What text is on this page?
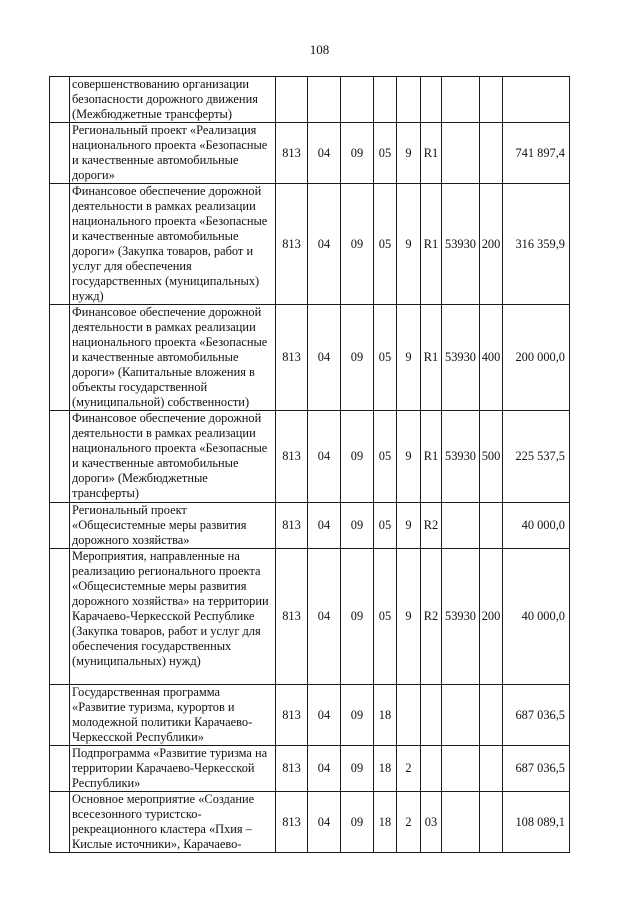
108
	совершенствованию организации безопасности дорожного движения (Межбюджетные трансферты)									
	Региональный проект «Реализация национального проекта «Безопасные и качественные автомобильные дороги»	813	04	09	05	9	R1			741 897,4
	Финансовое обеспечение дорожной деятельности в рамках реализации национального проекта «Безопасные и качественные автомобильные дороги» (Закупка товаров, работ и услуг для обеспечения государственных (муниципальных) нужд)	813	04	09	05	9	R1	53930	200	316 359,9
	Финансовое обеспечение дорожной деятельности в рамках реализации национального проекта «Безопасные и качественные автомобильные дороги» (Капитальные вложения в объекты государственной (муниципальной) собственности)	813	04	09	05	9	R1	53930	400	200 000,0
	Финансовое обеспечение дорожной деятельности в рамках реализации национального проекта «Безопасные и качественные автомобильные дороги» (Межбюджетные трансферты)	813	04	09	05	9	R1	53930	500	225 537,5
	Региональный проект «Общесистемные меры развития дорожного хозяйства»	813	04	09	05	9	R2			40 000,0
	Мероприятия, направленные на реализацию регионального проекта «Общесистемные меры развития дорожного хозяйства» на территории Карачаево-Черкесской Республике (Закупка товаров, работ и услуг для обеспечения государственных (муниципальных) нужд)	813	04	09	05	9	R2	53930	200	40 000,0
	Государственная программа «Развитие туризма, курортов и молодежной политики Карачаево-Черкесской Республики»	813	04	09	18					687 036,5
	Подпрограмма «Развитие туризма на территории Карачаево-Черкесской Республики»	813	04	09	18	2				687 036,5
	Основное мероприятие «Создание всесезонного туристско-рекреационного кластера «Пхия – Кислые источники», Карачаево-	813	04	09	18	2	03			108 089,1
